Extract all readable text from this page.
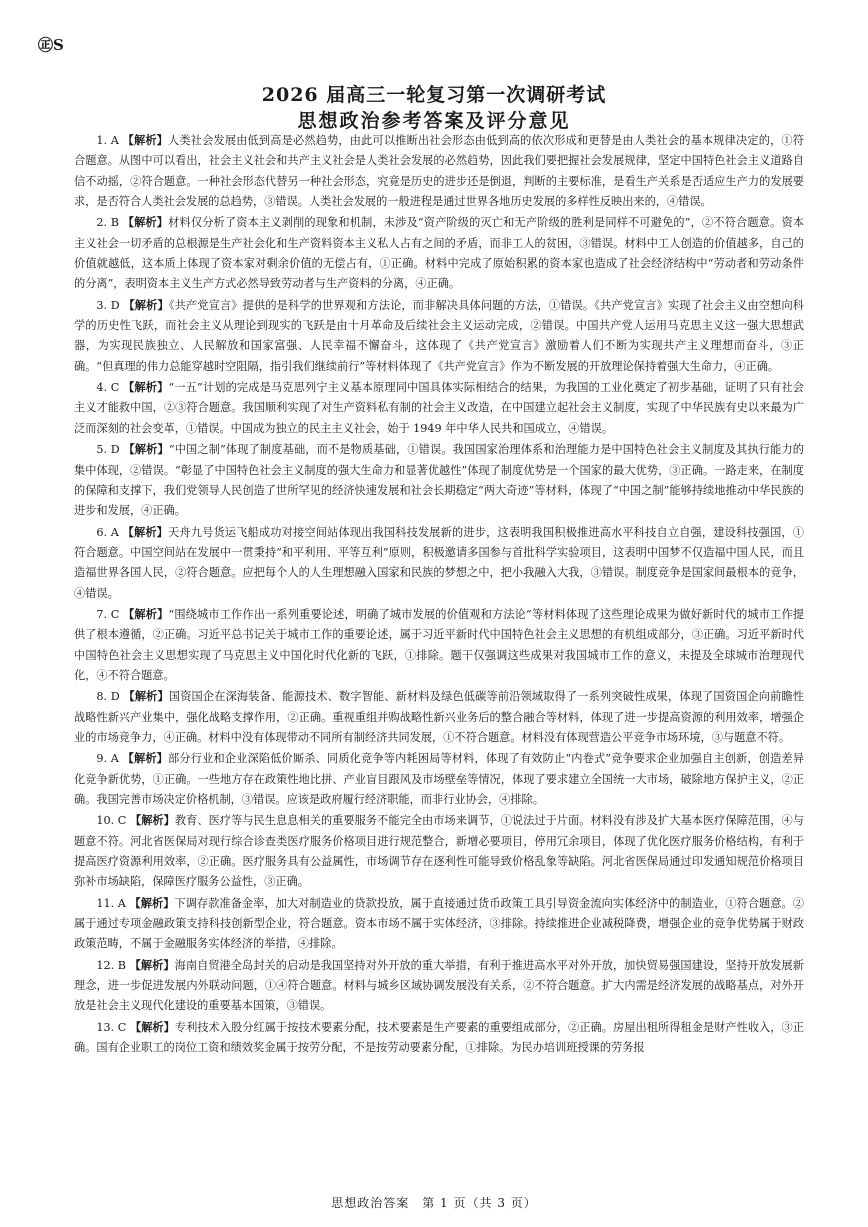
㊣S
2026 届高三一轮复习第一次调研考试
思想政治参考答案及评分意见

1. A 【解析】人类社会发展由低到高是必然趋势，由此可以推断出社会形态由低到高的依次形成和更替是由人类社会的基本规律决定的，①符合题意。从图中可以看出，社会主义社会和共产主义社会是人类社会发展的必然趋势，因此我们要把握社会发展规律，坚定中国特色社会主义道路自信不动摇，②符合题意。一种社会形态代替另一种社会形态，究竟是历史的进步还是倒退，判断的主要标准，是看生产关系是否适应生产力的发展要求，是否符合人类社会发展的总趋势，③错误。人类社会发展的一般进程是通过世界各地历史发展的多样性反映出来的，④错误。

2. B 【解析】材料仅分析了资本主义剥削的现象和机制，未涉及“资产阶级的灭亡和无产阶级的胜利是同样不可避免的”，②不符合题意。资本主义社会一切矛盾的总根源是生产社会化和生产资料资本主义私人占有之间的矛盾，而非工人的贫困，③错误。材料中工人创造的价值越多，自己的价值就越低，这本质上体现了资本家对剩余价值的无偿占有，①正确。材料中完成了原始积累的资本家也造成了社会经济结构中“劳动者和劳动条件的分离”，表明资本主义生产方式必然导致劳动者与生产资料的分离，④正确。

3. D 【解析】《共产党宣言》提供的是科学的世界观和方法论，而非解决具体问题的方法，①错误。《共产党宣言》实现了社会主义由空想向科学的历史性飞跃，而社会主义从理论到现实的飞跃是由十月革命及后续社会主义运动完成，②错误。中国共产党人运用马克思主义这一强大思想武器，为实现民族独立、人民解放和国家富强、人民幸福不懈奋斗，这体现了《共产党宣言》激励着人们不断为实现共产主义理想而奋斗，③正确。“但真理的伟力总能穿越时空阻隔，指引我们继续前行”等材料体现了《共产党宣言》作为不断发展的开放理论保持着强大生命力，④正确。

4. C 【解析】“一五”计划的完成是马克思列宁主义基本原理同中国具体实际相结合的结果，为我国的工业化奠定了初步基础，证明了只有社会主义才能救中国，②③符合题意。我国顺利实现了对生产资料私有制的社会主义改造，在中国建立起社会主义制度，实现了中华民族有史以来最为广泛而深刻的社会变革，①错误。中国成为独立的民主主义社会，始于 1949 年中华人民共和国成立，④错误。

5. D 【解析】“中国之制”体现了制度基础，而不是物质基础，①错误。我国国家治理体系和治理能力是中国特色社会主义制度及其执行能力的集中体现，②错误。“彰显了中国特色社会主义制度的强大生命力和显著优越性”体现了制度优势是一个国家的最大优势，③正确。一路走来，在制度的保障和支撑下，我们党领导人民创造了世所罕见的经济快速发展和社会长期稳定“两大奇迹”等材料，体现了“中国之制”能够持续地推动中华民族的进步和发展，④正确。

6. A 【解析】天舟九号货运飞船成功对接空间站体现出我国科技发展新的进步，这表明我国积极推进高水平科技自立自强，建设科技强国，①符合题意。中国空间站在发展中一贯秉持“和平利用、平等互利”原则，积极邀请多国参与首批科学实验项目，这表明中国梦不仅造福中国人民，而且造福世界各国人民，②符合题意。应把每个人的人生理想融入国家和民族的梦想之中，把小我融入大我，③错误。制度竞争是国家间最根本的竞争，④错误。

7. C 【解析】“围绕城市工作作出一系列重要论述，明确了城市发展的价值观和方法论”等材料体现了这些理论成果为做好新时代的城市工作提供了根本遵循，②正确。习近平总书记关于城市工作的重要论述，属于习近平新时代中国特色社会主义思想的有机组成部分，③正确。习近平新时代中国特色社会主义思想实现了马克思主义中国化时代化新的飞跃，①排除。题干仅强调这些成果对我国城市工作的意义，未提及全球城市治理现代化，④不符合题意。

8. D 【解析】国资国企在深海装备、能源技术、数字智能、新材料及绿色低碳等前沿领域取得了一系列突破性成果，体现了国资国企向前瞻性战略性新兴产业集中，强化战略支撑作用，②正确。重视重组并购战略性新兴业务后的整合融合等材料，体现了进一步提高资源的利用效率，增强企业的市场竞争力，④正确。材料中没有体现带动不同所有制经济共同发展，①不符合题意。材料没有体现营造公平竞争市场环境，③与题意不符。

9. A 【解析】部分行业和企业深陷低价厮杀、同质化竞争等内耗困局等材料，体现了有效防止“内卷式”竞争要求企业加强自主创新，创造差异化竞争新优势，①正确。一些地方存在政策性地比拼、产业盲目跟风及市场壁垒等情况，体现了要求建立全国统一大市场，破除地方保护主义，②正确。我国完善市场决定价格机制，③错误。应该是政府履行经济职能，而非行业协会，④排除。

10. C 【解析】教育、医疗等与民生息息相关的重要服务不能完全由市场来调节，①说法过于片面。材料没有涉及扩大基本医疗保障范围，④与题意不符。河北省医保局对现行综合诊查类医疗服务价格项目进行规范整合，新增必要项目，停用冗余项目，体现了优化医疗服务价格结构，有利于提高医疗资源利用效率，②正确。医疗服务具有公益属性，市场调节存在逐利性可能导致价格乱象等缺陷。河北省医保局通过印发通知规范价格项目弥补市场缺陷，保障医疗服务公益性，③正确。

11. A 【解析】下调存款准备金率，加大对制造业的贷款投放，属于直接通过货币政策工具引导资金流向实体经济中的制造业，①符合题意。②属于通过专项金融政策支持科技创新型企业，符合题意。资本市场不属于实体经济，③排除。持续推进企业减税降费，增强企业的竞争优势属于财政政策范畴，不属于金融服务实体经济的举措，④排除。

12. B 【解析】海南自贸港全岛封关的启动是我国坚持对外开放的重大举措，有利于推进高水平对外开放，加快贸易强国建设，坚持开放发展新理念，进一步促进发展内外联动问题，①④符合题意。材料与城乡区域协调发展没有关系，②不符合题意。扩大内需是经济发展的战略基点，对外开放是社会主义现代化建设的重要基本国策，③错误。

13. C 【解析】专利技术入股分红属于按技术要素分配，技术要素是生产要素的重要组成部分，②正确。房屋出租所得租金是财产性收入，③正确。国有企业职工的岗位工资和绩效奖金属于按劳分配，不是按劳动要素分配，①排除。为民办培训班授课的劳务报

思想政治答案　第 1 页（共 3 页）
